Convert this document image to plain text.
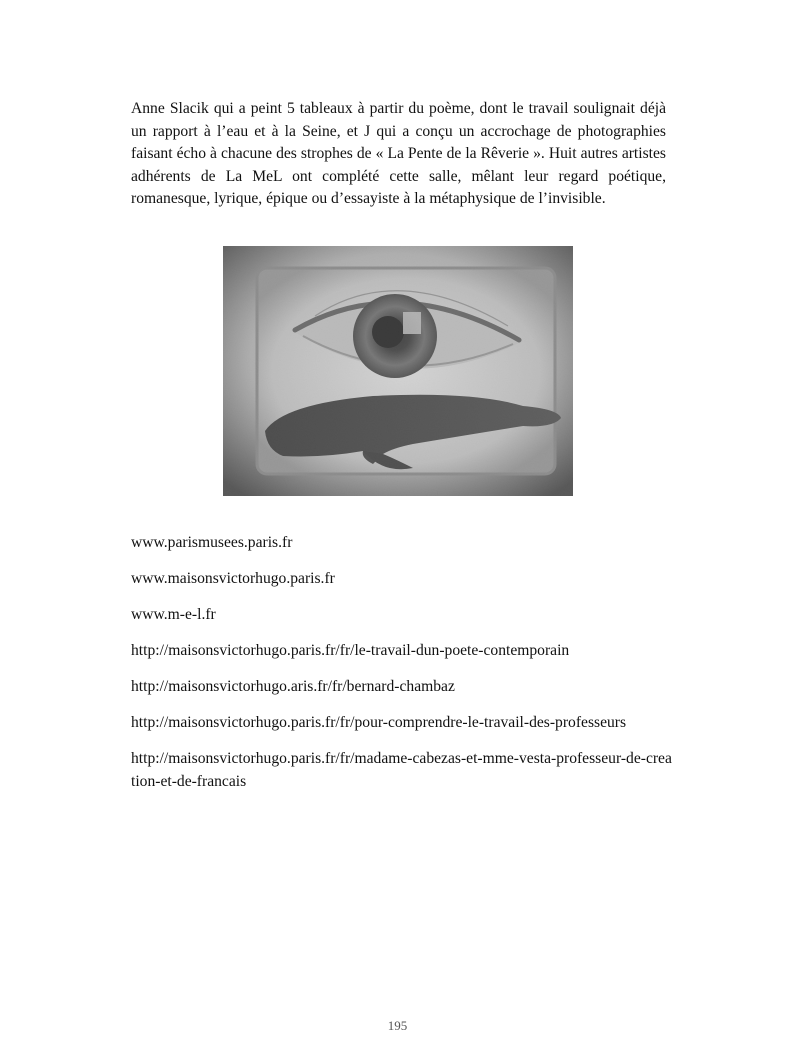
Anne Slacik qui a peint 5 tableaux à partir du poème, dont le travail soulignait déjà un rapport à l’eau et à la Seine, et J qui a conçu un accrochage de photographies faisant écho à chacune des strophes de « La Pente de la Rêverie ». Huit autres artistes adhérents de La MeL ont complété cette salle, mêlant leur regard poétique, romanesque, lyrique, épique ou d’essayiste à la métaphysique de l’invisible.

www.parismusees.paris.fr
www.maisonsvictorhugo.paris.fr
www.m-e-l.fr
http://maisonsvictorhugo.paris.fr/fr/le-travail-dun-poete-contemporain
http://maisonsvictorhugo.aris.fr/fr/bernard-chambaz
http://maisonsvictorhugo.paris.fr/fr/pour-comprendre-le-travail-des-professeurs
http://maisonsvictorhugo.paris.fr/fr/madame-cabezas-et-mme-vesta-professeur-de-creation-et-de-francais
195
